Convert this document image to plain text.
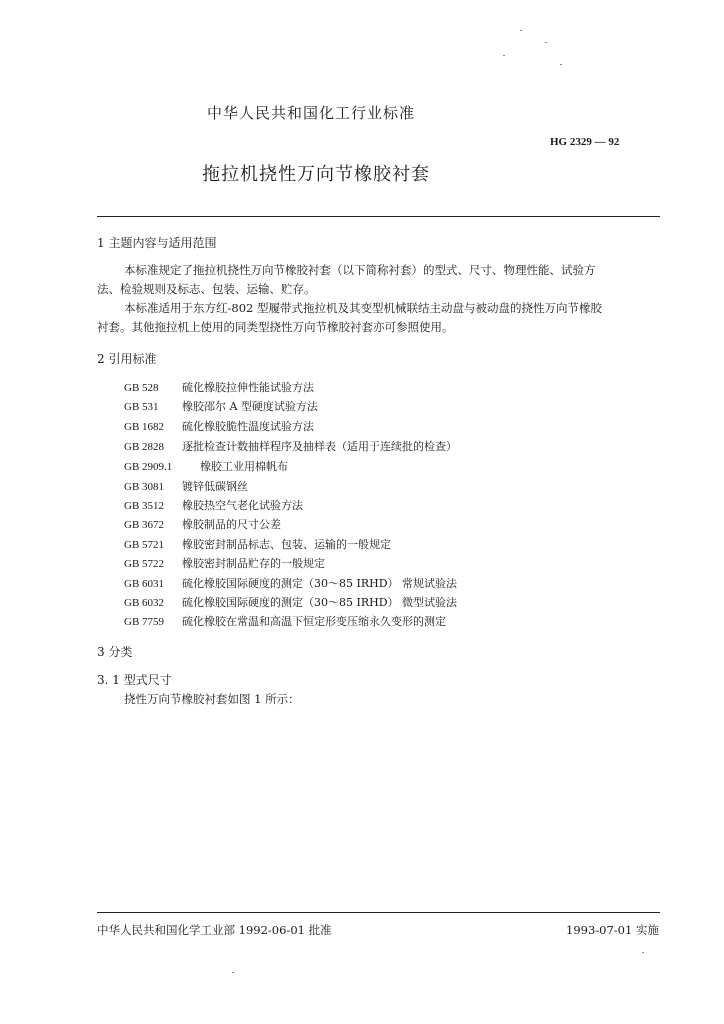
中华人民共和国化工行业标准
HG 2329 — 92
拖拉机挠性万向节橡胶衬套
1 主题内容与适用范围
本标准规定了拖拉机挠性万向节橡胶衬套（以下简称衬套）的型式、尺寸、物理性能、试验方
法、检验规则及标志、包装、运输、贮存。
本标准适用于东方红-802 型履带式拖拉机及其变型机械联结主动盘与被动盘的挠性万向节橡胶
衬套。其他拖拉机上使用的同类型挠性万向节橡胶衬套亦可参照使用。
2 引用标准
GB 528 硫化橡胶拉伸性能试验方法
GB 531 橡胶邵尔 A 型硬度试验方法
GB 1682 硫化橡胶脆性温度试验方法
GB 2828 逐批检查计数抽样程序及抽样表（适用于连续批的检查）
GB 2909.1	橡胶工业用棉帆布
GB 3081 镀锌低碳钢丝
GB 3512 橡胶热空气老化试验方法
GB 3672 橡胶制品的尺寸公差
GB 5721 橡胶密封制品标志、包装、运输的一般规定
GB 5722 橡胶密封制品贮存的一般规定
GB 6031 硫化橡胶国际硬度的测定（30～85 IRHD） 常规试验法
GB 6032 硫化橡胶国际硬度的测定（30～85 IRHD） 微型试验法
GB 7759 硫化橡胶在常温和高温下恒定形变压缩永久变形的测定
3 分类
3. 1 型式尺寸
挠性万向节橡胶衬套如图 1 所示：
中华人民共和国化学工业部 1992-06-01 批准	1993-07-01 实施
